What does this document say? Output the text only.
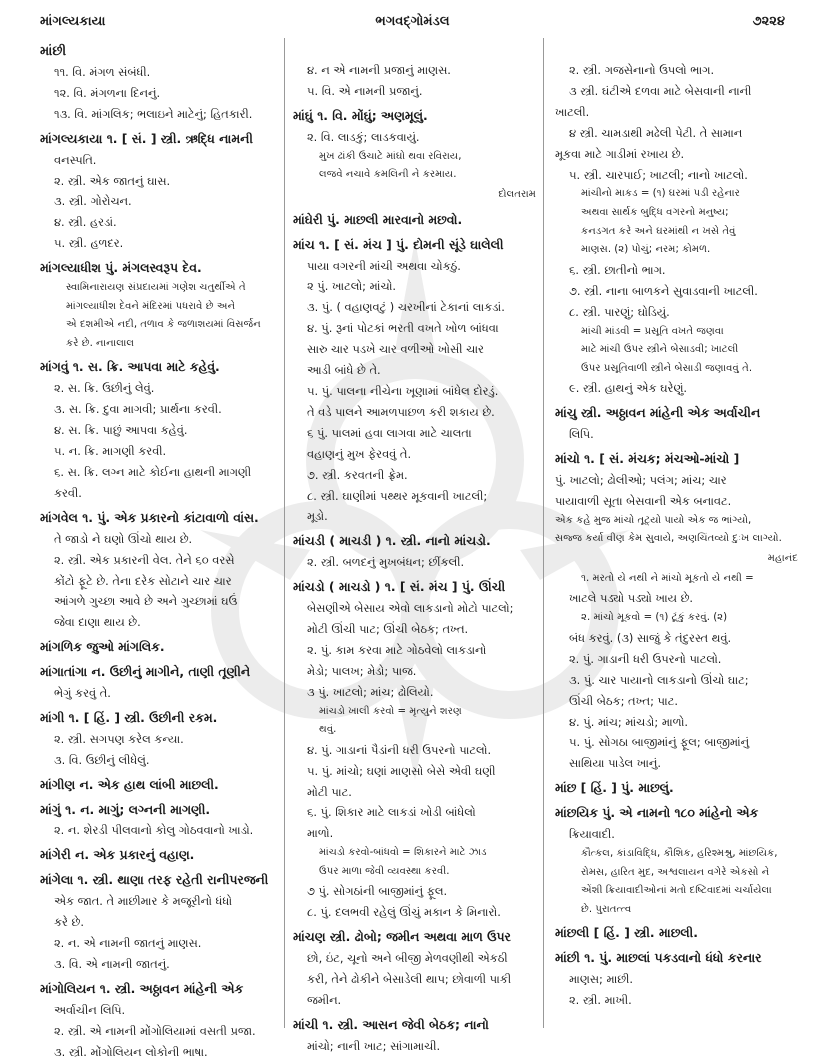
માંગલ્યકાયા	ભગવદ્ગોમંડલ	૭૨૨૪
માંછી
૧૧. વિ. મંગળ સંબંધી.
૧૨. વિ. મંગળના દિનનું.
૧૩. વિ. માંગલિક; ભલાઇને માટેનું; હિતકારી.
માંગલ્યકાયા ૧. [ સં. ] સ્ત્રી. ઋદ્ધિ નામની
વનસ્પતિ.
૨. સ્ત્રી. એક જાતનું ઘાસ.
૩. સ્ત્રી. ગોરોચન.
૪. સ્ત્રી. હરડાં.
૫. સ્ત્રી. હળદર.
માંગલ્યાધીશ પું. મંગલસ્વરૂપ દેવ.
સ્વામિનારાયણ સંપ્રદાયમાં ગણેશ ચતુર્થીએ તે
માંગલ્યાધીશ દેવને મંદિરમાં પધરાવે છે અને
એ દશમીએ નદી, તળાવ કે જળાશયમાં વિસર્જન
કરે છે. નાનાલાલ
માંગવું ૧. સ. ક્રિ. આપવા માટે કહેવું.
૨. સ. ક્રિ. ઉછીનું લેવું.
૩. સ. ક્રિ. દુવા માગવી; પ્રાર્થના કરવી.
૪. સ. ક્રિ. પાછું આપવા કહેવું.
૫. ન. ક્રિ. માગણી કરવી.
૬. સ. ક્રિ. લગ્ન માટે કોઈના હાથની માગણી
કરવી.
માંગવેલ ૧. પું. એક પ્રકારનો કાંટાવાળો વાંસ.
તે જાડો ને ઘણો ઊંચો થાય છે.
૨. સ્ત્રી. એક પ્રકારની વેલ. તેને ૬૦ વરસે
કોંટો ફૂટે છે. તેના દરેક સોટાને ચાર ચાર
આંગળે ગુચ્છા આવે છે અને ગુચ્છામાં ઘઉં
જેવા દાણા થાય છે.
માંગળિક જુઓ માંગલિક.
માંગાતાંગા ન. ઉછીનું માગીને, તાણી તૂણીને
ભેગું કરવું તે.
માંગી ૧. [ હિં. ] સ્ત્રી. ઉછીની રકમ.
૨. સ્ત્રી. સગપણ કરેલ કન્યા.
૩. વિ. ઉછીનું લીધેલું.
માંગીણ ન. એક હાથ લાંબી માછલી.
માંગું ૧. ન. માગું; લગ્નની માગણી.
૨. ન. શેરડી પીલવાનો કોલુ ગોઠવવાનો ખાડો.
માંગેરી ન. એક પ્રકારનું વહાણ.
માંગેલા ૧. સ્ત્રી. થાણા તરફ રહેતી રાનીપરજની
એક જાત. તે માછીમાર કે મજૂરીનો ધંધો
કરે છે.
૨. ન. એ નામની જાતનું માણસ.
૩. વિ. એ નામની જાતનું.
માંગોલિયન ૧. સ્ત્રી. અઠ્ઠાવન માંહેની એક
અર્વાચીન લિપિ.
૨. સ્ત્રી. એ નામની મોંગોલિયામાં વસતી પ્રજા.
૩. સ્ત્રી. મોંગોલિયન લોકોની ભાષા.
૪. ન એ નામની પ્રજાનું માણસ.
૫. વિ. એ નામની પ્રજાનું.
માંઘું ૧. વિ. મોંઘું; અણમૂલું.
૨. વિ. લાડકું; લાડકવાયું.
મુખ ઢાંકી ઉચાટે માંઘો થવા રવિરાય,
લજવે નચાવે કમલિની ને કરમાય.
દોલતરામ
માંઘેરી પું. માછલી મારવાનો મછવો.
માંચ ૧. [ સં. મંચ ] પું. દોમની સૂંડે ઘાલેલી
પાયા વગરની માંચી અથવા ચોકઠું.
૨ પું. ખાટલો; માંચો.
૩. પું. ( વહાણવટું ) ચરખીનાં ટેકાનાં લાકડાં.
૪. પું. રૂનાં પોટકાં ભરતી વખતે ખોળ બાંધવા
સારુ ચાર પડખે ચાર વળીઓ ખોસી ચાર
આડી બાંધે છે તે.
૫. પું. પાલના નીચેના ખૂણામાં બાંધેલ દોરડું.
તે વડે પાલને આમળપાછળ કરી શકાય છે.
૬ પું. પાલમાં હવા લાગવા માટે ચાલતા
વહાણનું મુખ ફેરવવું તે.
૭. સ્ત્રી. કરવતની ફ્રેમ.
૮. સ્ત્રી. ઘાણીમાં પથ્થર મૂકવાની ખાટલી;
મૂડો.
માંચડી ( માચડી ) ૧. સ્ત્રી. નાનો માંચડો.
૨. સ્ત્રી. બળદનું મુખબંધન; છીંકલી.
માંચડો ( માચડો ) ૧. [ સં. મંચ ] પું. ઊંચી
બેસણીએ બેસાય એવો લાકડાનો મોટો પાટલો;
મોટી ઊંચી પાટ; ઊંચી બેઠક; તખ્ત.
૨. પું. કામ કરવા માટે ગોઠવેલો લાકડાનો
મેડો; પાલખ; મેડો; પાજ.
૩ પું. ખાટલો; માંચ; ઢોલિયો.
માંચડો ખાલી કરવો = મૃત્યુને શરણ
થવું.
૪. પું. ગાડાનાં પૈડાંની ધરી ઉપરનો પાટલો.
૫. પું. માંચો; ઘણાં માણસો બેસે એવી ઘણી
મોટી પાટ.
૬. પું. શિકાર માટે લાકડાં ખોડી બાંધેલો
માળો.
માંચડો કરવો-બાંધવો = શિકારને માટે ઝાડ
ઉપર માળા જેવી વ્યવસ્થા કરવી.
૭ પું. સોગઠાંની બાજીમાંનું ફૂલ.
૮. પું. દલભવી રહેલું ઊંચું મકાન કે મિનારો.
માંચણ સ્ત્રી. ઢોબો; જમીન અથવા માળ ઉપર
છો, ઇંટ, ચૂનો અને બીજી મેળવણીથી એકઠી
કરી, તેને ઢોકીને બેસાડેલી થાપ; છોવાળી પાકી
જમીન.
માંચી ૧. સ્ત્રી. આસન જેવી બેઠક; નાનો
માંચો; નાની ખાટ; સાંગામાચી.
૨. સ્ત્રી. ગજસેનાનો ઉપલો ભાગ.
૩ સ્ત્રી. ઘંટીએ દળવા માટે બેસવાની નાની
ખાટલી.
૪ સ્ત્રી. ચામડાથી મઢેલી પેટી. તે સામાન
મૂકવા માટે ગાડીમાં રખાય છે.
૫. સ્ત્રી. ચારપાઈ; ખાટલી; નાનો ખાટલો.
માંચીનો માકડ = (૧) ઘરમાં પડી રહેનાર
અથવા સાર્થક બુદ્ધિ વગરનો મનુષ્ય;
કનડગત કરે અને ઘરમાંથી ન ખસે તેવું
માણસ. (૨) પોચું; નરમ; કોમળ.
૬. સ્ત્રી. છાતીનો ભાગ.
૭. સ્ત્રી. નાના બાળકને સુવાડવાની ખાટલી.
૮. સ્ત્રી. પારણું; ઘોડિયું.
માંચી માંડવી = પ્રસૂતિ વખતે જણવા
માટે માંચી ઉપર સ્ત્રીને બેસાડવી; ખાટલી
ઉપર પ્રસૂતિવાળી સ્ત્રીને બેસાડી જણાવવું તે.
૯. સ્ત્રી. હાથનું એક ઘરેણું.
માંચુ સ્ત્રી. અઠ્ઠાવન માંહેની એક અર્વાચીન
લિપિ.
માંચો ૧. [ સં. મંચક; મંચઓ-માંચો ]
પું. ખાટલો; ઢોલીઓ; પલંગ; માંચ; ચાર
પાયાવાળી સૂતા બેસવાની એક બનાવટ.
એક કહે મુજ માંચો તૂટ્યો પાયો એક જ ભાંગ્યો,
સજ્જ કર્યા વીણ કેમ સુવાયે, અણચિંતવ્યો દુઃખ લાગ્યો.
મહાનંદ
૧. મરતો યે નથી ને માંચો મૂકતો યે નથી =
ખાટલે પડ્યો પડ્યો ખાય છે.
૨. માંચો મૂકવો = (૧) ટૂંકું કરવું. (૨)
બંધ કરવું. (૩) સાજું કે તંદુરસ્ત થવું.
૨. પું. ગાડાની ધરી ઉપરનો પાટલો.
૩. પું. ચાર પાયાનો લાકડાનો ઊંચો ઘાટ;
ઊંચી બેઠક; તખ્ત; પાટ.
૪. પું. માંચ; માંચડો; માળો.
૫. પું. સોગઠા બાજીમાંનું ફૂલ; બાજીમાંનું
સાથિયા પાડેલ ખાનું.
માંછ [ હિં. ] પું. માછલું.
માંછયિક પું. એ નામનો ૧૮૦ માંહેનો એક
ક્રિયાવાદી.
કૌત્કલ, કાંડાવિદ્ધિ, કૌશિક, હરિશ્મશ્રુ, માંછયિક,
રોમસ, હારિત મુદ, અશ્વલાયન વગેરે એકસો ને
એંશી ક્રિયાવાદીઓનાં મતો દષ્ટિવાદમાં ચર્ચાયેલા
છે. પુરાતત્ત્વ
માંછલી [ હિં. ] સ્ત્રી. માછલી.
માંછી ૧. પું. માછલાં પકડવાનો ધંધો કરનાર
માણસ; માછી.
૨. સ્ત્રી. માખી.
